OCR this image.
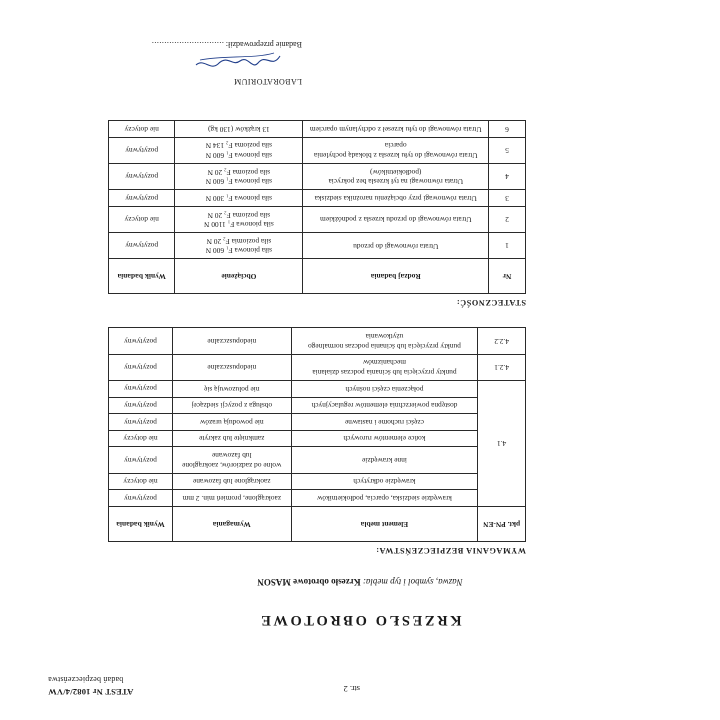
ATEST Nr 1082/4/VW
badań bezpieczeństwa
str. 2
KRZESŁO OBROTOWE
Nazwa, symbol i typ mebla: Krzesło obrotowe MASON
WYMAGANIA BEZPIECZEŃSTWA:
pkt. PN-EN	Element mebla	Wymagania	Wynik badania
4.1	krawędzie siedziska, oparcia, podłokietników	zaokrąglone, promień min. 2 mm	pozytywny
	krawędzie odkrytych	zaokrąglone lub fazowane	nie dotyczy
	inne krawędzie	wolne od zadziorów, zaokrąglone lub fazowane	pozytywny
	końce elementów rurowych	zamknięte lub zakryte	nie dotyczy
	części ruchome i nastawne	nie powodują urazów	pozytywny
	dostępna powierzchnia elementów regulacyjnych	obsługa z pozycji siedzącej	pozytywny
	połączenia części nośnych	nie poluzowują się	pozytywny
4.2.1	punkty przycięcia lub ścinania podczas działania mechanizmów	niedopuszczalne	pozytywny
4.2.2	punkty przycięcia lub ścinania podczas normalnego użytkowania	niedopuszczalne	pozytywny
STATECZNOŚĆ:
Nr	Rodzaj badania	Obciążenie	Wynik badania
1	Utrata równowagi do przodu	siła pionowa F₁ 600 N
siła poziomia F₂ 20 N	pozytywny
2	Utrata równowagi do przodu krzesła z podnóżkiem	siła pionowa F₁ 1100 N
siła pozioma F₂ 20 N	nie dotyczy
3	Utrata równowagi przy obciążeniu narożnika siedziska	siła pionowa F₁ 300 N	pozytywny
4	Utrata równowagi na tył krzesła bez pokrycia (podłokietników)	siła pionowa F₁ 600 N
siła pozioma F₂ 20 N	pozytywny
5	Utrata równowagi do tyłu krzesła z blokadą pochylenia oparcia	siła pionowa F₁ 600 N
siła pozioma F₂ 134 N	pozytywny
6	Utrata równowagi do tyłu krzeseł z odchylanym oparciem	13 krążków (130 kg)	nie dotyczy
LABORATORIUM
Badanie przeprowadził: .............................
